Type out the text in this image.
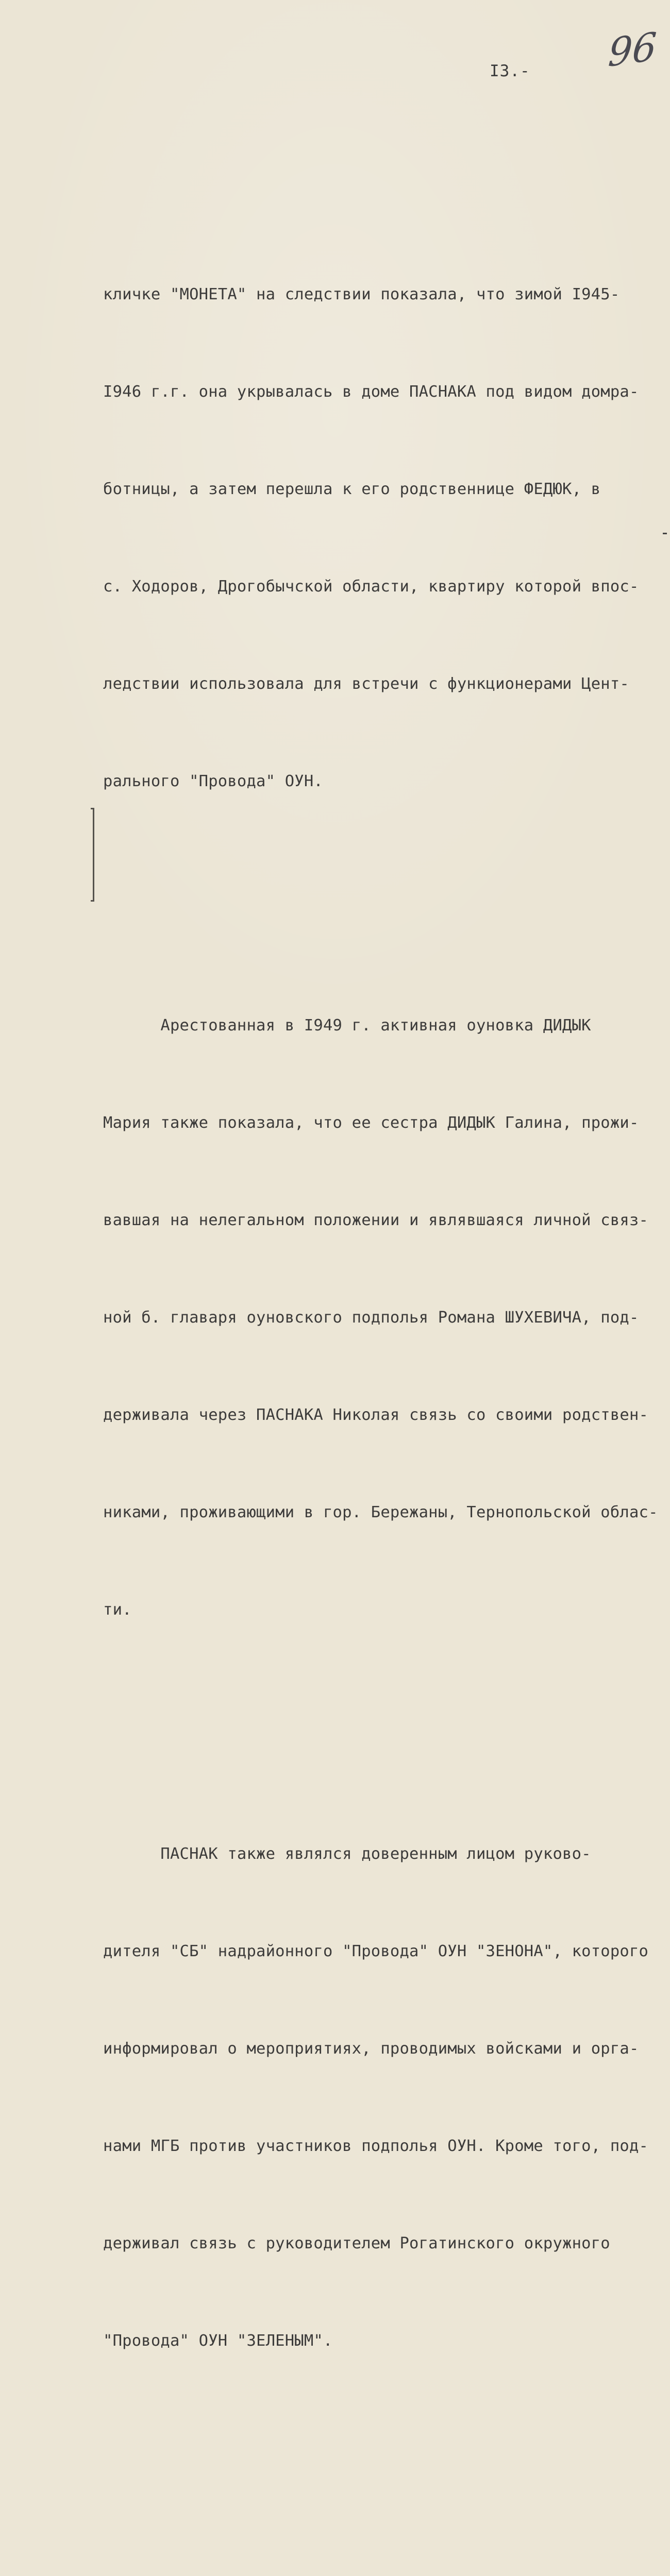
I3.- 96

кличке "МОНЕТА" на следствии показала, что зимой I945-

I946 г.г. она укрывалась в доме ПАСНАКА под видом домра-

ботницы, а затем перешла к его родственнице ФЕДЮК, в

с. Ходоров, Дрогобычской области, квартиру которой впос-

ледствии использовала для встречи с функционерами Цент-

рального "Провода" ОУН.

Арестованная в I949 г. активная оуновка ДИДЫК

Мария также показала, что ее сестра ДИДЫК Галина, прожи-

вавшая на нелегальном положении и являвшаяся личной связ-

ной б. главаря оуновского подполья Романа ШУХЕВИЧА, под-

держивала через ПАСНАКА Николая связь со своими родствен-

никами, проживающими в гор. Бережаны, Тернопольской облас-

ти.

ПАСНАК также являлся доверенным лицом руково-

дителя "СБ" надрайонного "Провода" ОУН "ЗЕНОНА", которого

информировал о мероприятиях, проводимых войсками и орга-

нами МГБ против участников подполья ОУН. Кроме того, под-

держивал связь с руководителем Рогатинского окружного

"Провода" ОУН "ЗЕЛЕНЫМ".
